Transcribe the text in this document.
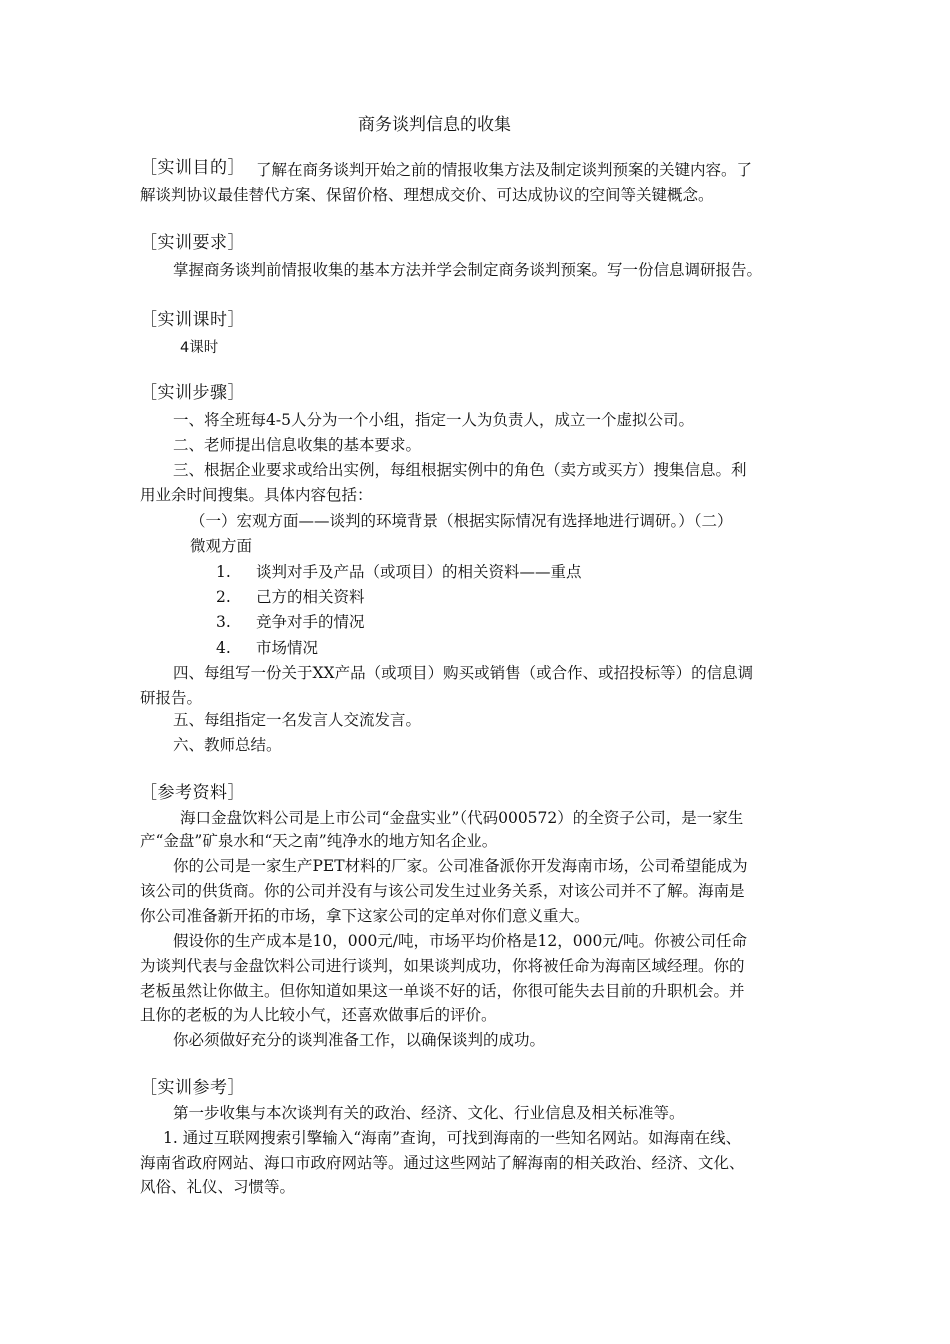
商务谈判信息的收集
［实训目的］ 了解在商务谈判开始之前的情报收集方法及制定谈判预案的关键内容。了
解谈判协议最佳替代方案、保留价格、理想成交价、可达成协议的空间等关键概念。
［实训要求］
掌握商务谈判前情报收集的基本方法并学会制定商务谈判预案。写一份信息调研报告。
［实训课时］
4课时
［实训步骤］
一、将全班每4-5人分为一个小组，指定一人为负责人，成立一个虚拟公司。
二、老师提出信息收集的基本要求。
三、根据企业要求或给出实例，每组根据实例中的角色（卖方或买方）搜集信息。利
用业余时间搜集。具体内容包括：
（一）宏观方面——谈判的环境背景（根据实际情况有选择地进行调研。）（二）
微观方面
1. 谈判对手及产品（或项目）的相关资料——重点
2. 己方的相关资料
3. 竞争对手的情况
4. 市场情况
四、每组写一份关于XX产品（或项目）购买或销售（或合作、或招投标等）的信息调
研报告。
五、每组指定一名发言人交流发言。
六、教师总结。
［参考资料］
海口金盘饮料公司是上市公司“金盘实业”（代码000572）的全资子公司，是一家生
产“金盘”矿泉水和“天之南”纯净水的地方知名企业。
你的公司是一家生产PET材料的厂家。公司准备派你开发海南市场，公司希望能成为
该公司的供货商。你的公司并没有与该公司发生过业务关系，对该公司并不了解。海南是
你公司准备新开拓的市场，拿下这家公司的定单对你们意义重大。
假设你的生产成本是10，000元/吨，市场平均价格是12，000元/吨。你被公司任命
为谈判代表与金盘饮料公司进行谈判，如果谈判成功，你将被任命为海南区域经理。你的
老板虽然让你做主。但你知道如果这一单谈不好的话，你很可能失去目前的升职机会。并
且你的老板的为人比较小气，还喜欢做事后的评价。
你必须做好充分的谈判准备工作，以确保谈判的成功。
［实训参考］
第一步收集与本次谈判有关的政治、经济、文化、行业信息及相关标准等。
1. 通过互联网搜索引擎输入“海南”查询，可找到海南的一些知名网站。如海南在线、
海南省政府网站、海口市政府网站等。通过这些网站了解海南的相关政治、经济、文化、
风俗、礼仪、习惯等。
